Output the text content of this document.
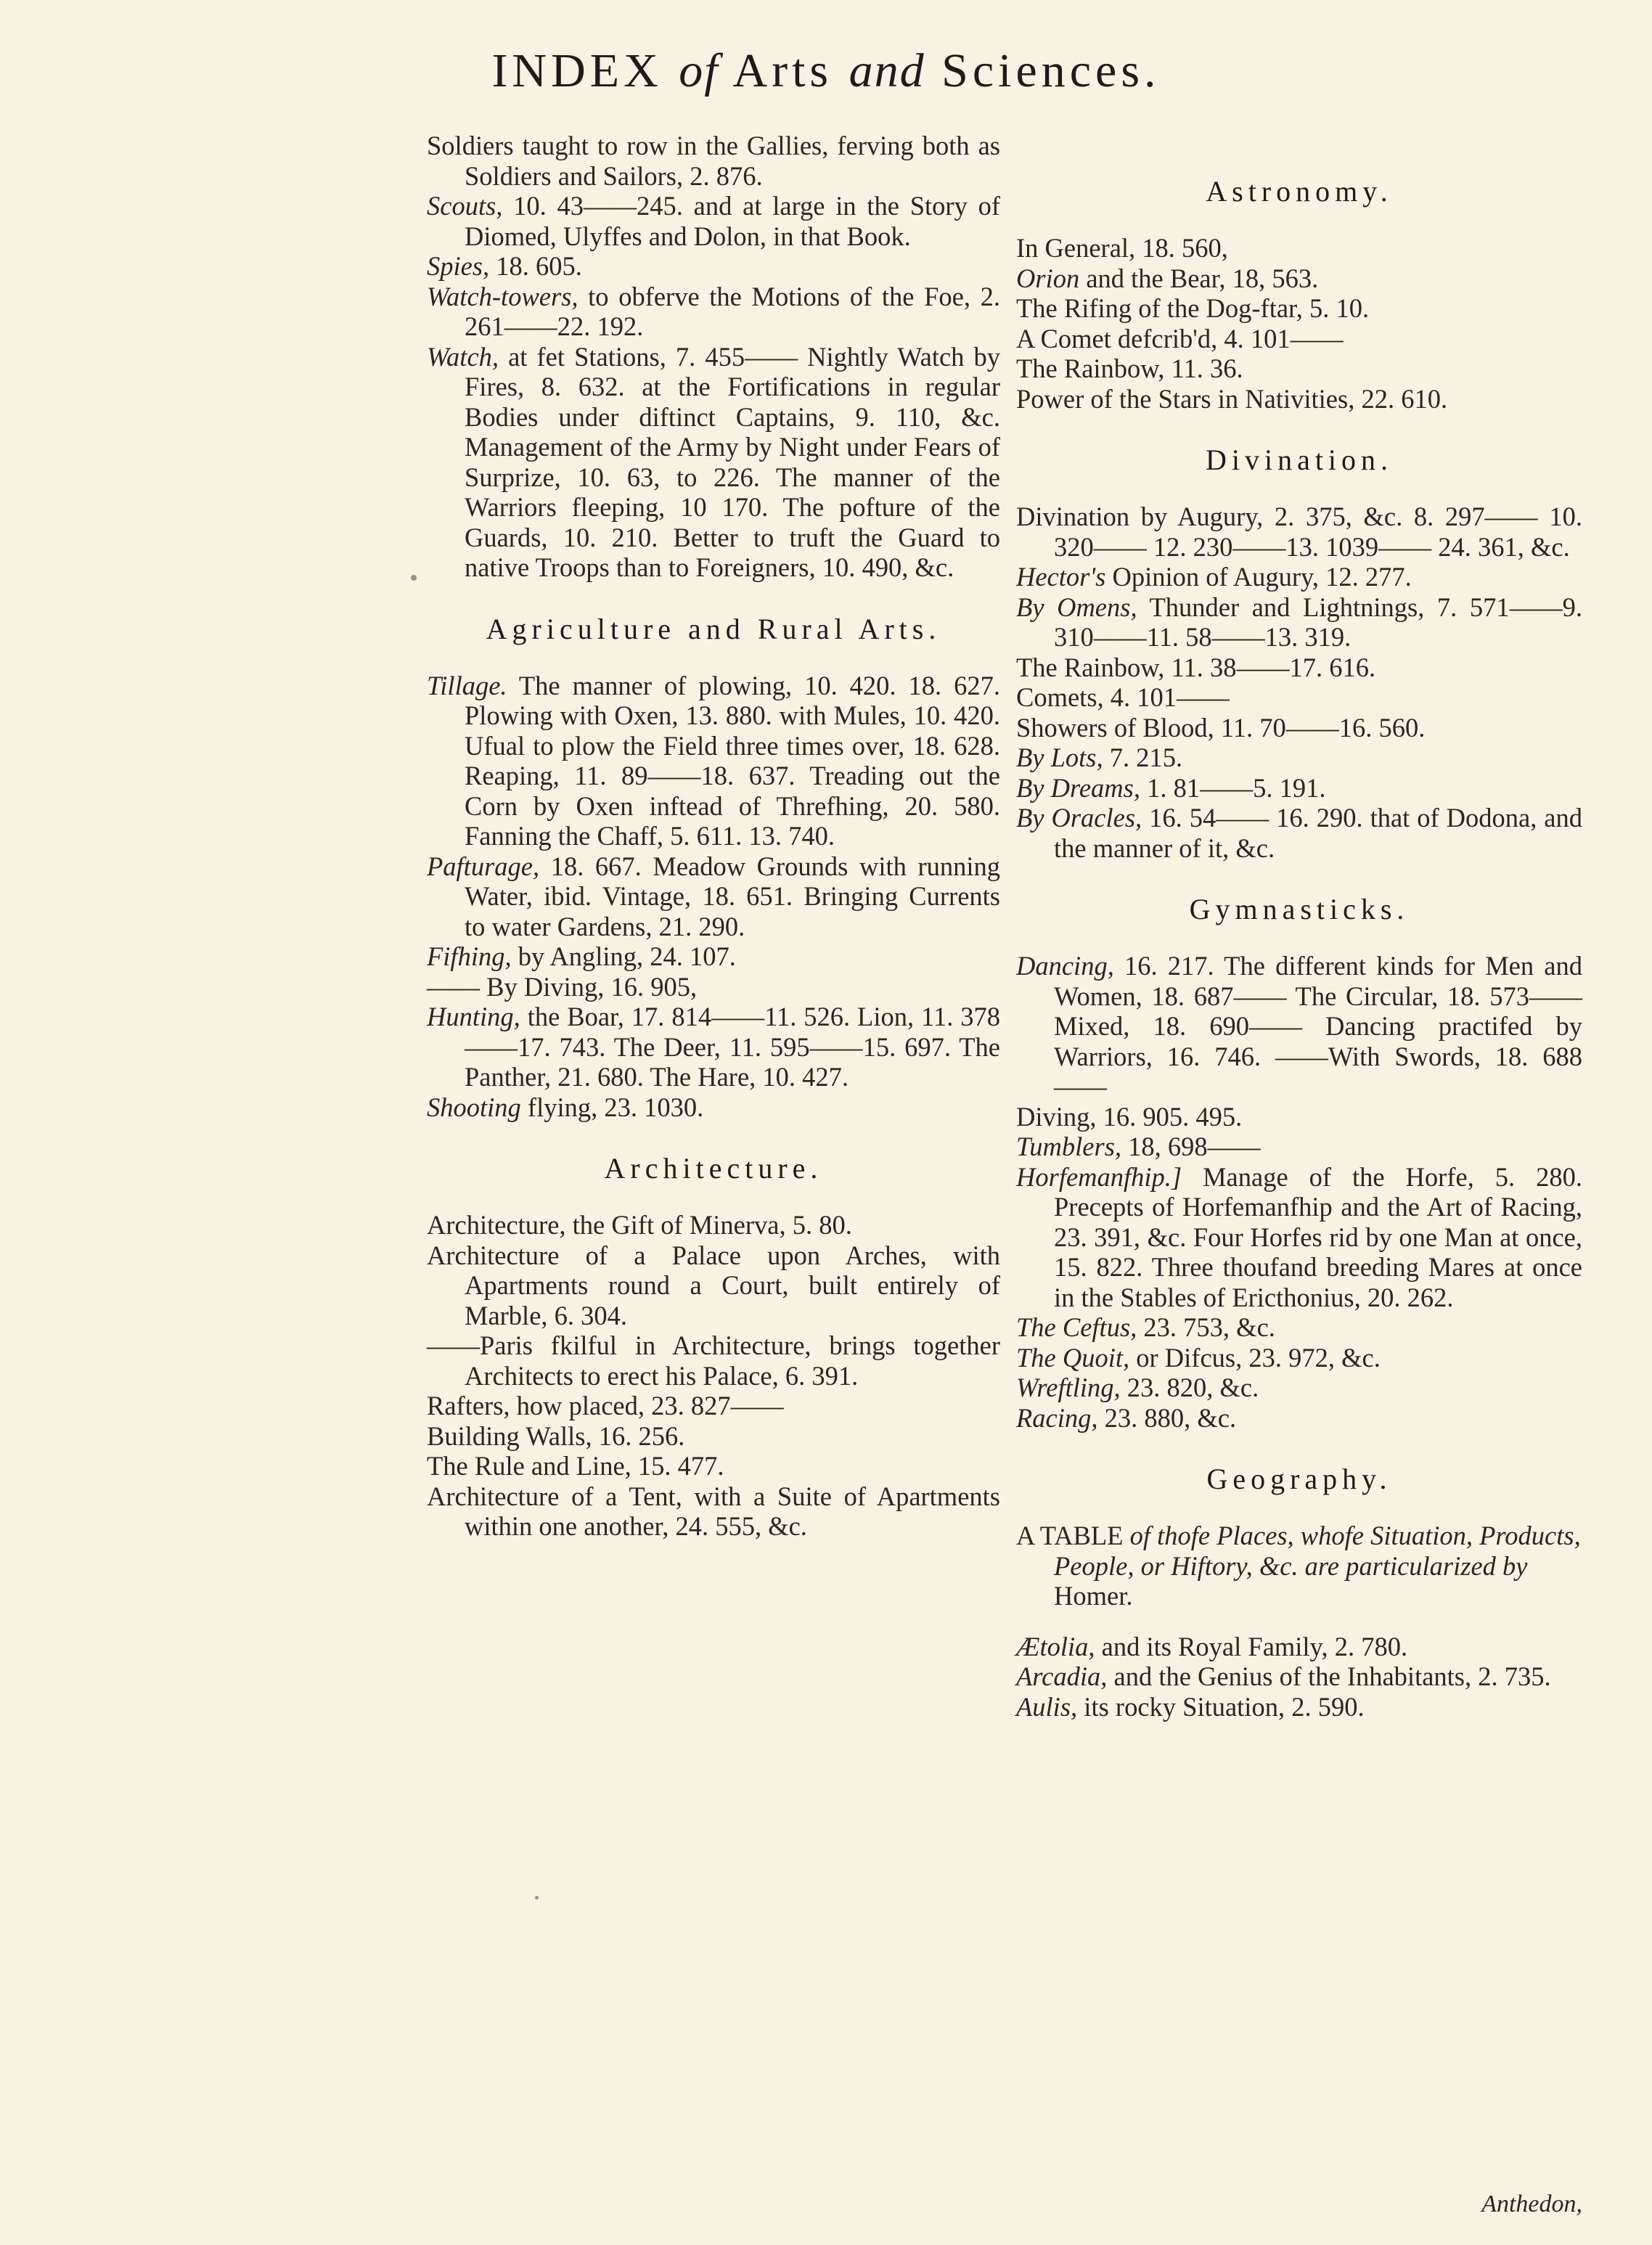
INDEX of Arts and Sciences.

Soldiers taught to row in the Gallies, ferving both as Soldiers and Sailors, 2. 876.

Scouts, 10. 43——245. and at large in the Story of Diomed, Ulyffes and Dolon, in that Book.

Spies, 18. 605.

Watch-towers, to obferve the Motions of the Foe, 2. 261——22. 192.

Watch, at fet Stations, 7. 455—— Nightly Watch by Fires, 8. 632. at the Fortifications in regular Bodies under diftinct Captains, 9. 110, &c. Management of the Army by Night under Fears of Surprize, 10. 63, to 226. The manner of the Warriors fleeping, 10 170. The pofture of the Guards, 10. 210. Better to truft the Guard to native Troops than to Foreigners, 10. 490, &c.

Agriculture and Rural Arts.

Tillage. The manner of plowing, 10. 420. 18. 627. Plowing with Oxen, 13. 880. with Mules, 10. 420. Ufual to plow the Field three times over, 18. 628. Reaping, 11. 89——18. 637. Treading out the Corn by Oxen inftead of Threfhing, 20. 580. Fanning the Chaff, 5. 611. 13. 740.

Pafturage, 18. 667. Meadow Grounds with running Water, ibid. Vintage, 18. 651. Bringing Currents to water Gardens, 21. 290.

Fifhing, by Angling, 24. 107.

—— By Diving, 16. 905,

Hunting, the Boar, 17. 814——11. 526. Lion, 11. 378——17. 743. The Deer, 11. 595——15. 697. The Panther, 21. 680. The Hare, 10. 427.

Shooting flying, 23. 1030.

Architecture.

Architecture, the Gift of Minerva, 5. 80.

Architecture of a Palace upon Arches, with Apartments round a Court, built entirely of Marble, 6. 304.

——Paris fkilful in Architecture, brings together Architects to erect his Palace, 6. 391.

Rafters, how placed, 23. 827——

Building Walls, 16. 256.

The Rule and Line, 15. 477.

Architecture of a Tent, with a Suite of Apartments within one another, 24. 555, &c.

Astronomy.

In General, 18. 560,

Orion and the Bear, 18, 563.

The Rifing of the Dog-ftar, 5. 10.

A Comet defcrib'd, 4. 101——

The Rainbow, 11. 36.

Power of the Stars in Nativities, 22. 610.

Divination.

Divination by Augury, 2. 375, &c. 8. 297—— 10. 320—— 12. 230——13. 1039—— 24. 361, &c.

Hector's Opinion of Augury, 12. 277.

By Omens, Thunder and Lightnings, 7. 571——9. 310——11. 58——13. 319.

The Rainbow, 11. 38——17. 616.

Comets, 4. 101——

Showers of Blood, 11. 70——16. 560.

By Lots, 7. 215.

By Dreams, 1. 81——5. 191.

By Oracles, 16. 54—— 16. 290. that of Dodona, and the manner of it, &c.

Gymnasticks.

Dancing, 16. 217. The different kinds for Men and Women, 18. 687—— The Circular, 18. 573——Mixed, 18. 690—— Dancing practifed by Warriors, 16. 746. ——With Swords, 18. 688——

Diving, 16. 905. 495.

Tumblers, 18, 698——

Horfemanfhip.] Manage of the Horfe, 5. 280. Precepts of Horfemanfhip and the Art of Racing, 23. 391, &c. Four Horfes rid by one Man at once, 15. 822. Three thoufand breeding Mares at once in the Stables of Ericthonius, 20. 262.

The Ceftus, 23. 753, &c.

The Quoit, or Difcus, 23. 972, &c.

Wreftling, 23. 820, &c.

Racing, 23. 880, &c.

Geography.

A TABLE of thofe Places, whofe Situation, Products, People, or Hiftory, &c. are particularized by Homer.

Ætolia, and its Royal Family, 2. 780.

Arcadia, and the Genius of the Inhabitants, 2. 735.

Aulis, its rocky Situation, 2. 590.

Anthedon,
